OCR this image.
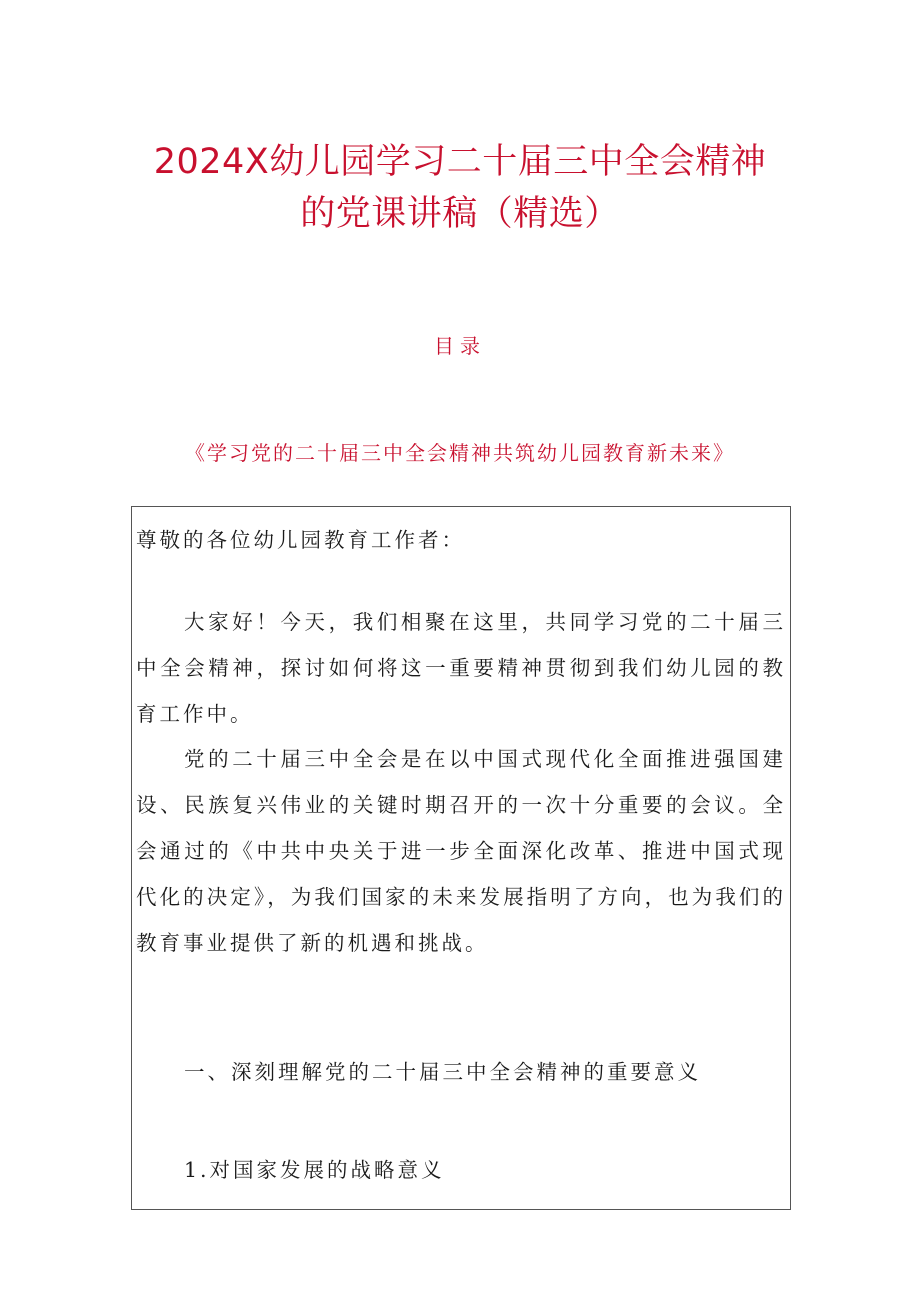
2024X幼儿园学习二十届三中全会精神
的党课讲稿（精选）
目录
《学习党的二十届三中全会精神共筑幼儿园教育新未来》

尊敬的各位幼儿园教育工作者：

大家好！今天，我们相聚在这里，共同学习党的二十届三中全会精神，探讨如何将这一重要精神贯彻到我们幼儿园的教育工作中。

党的二十届三中全会是在以中国式现代化全面推进强国建设、民族复兴伟业的关键时期召开的一次十分重要的会议。全会通过的《中共中央关于进一步全面深化改革、推进中国式现代化的决定》，为我们国家的未来发展指明了方向，也为我们的教育事业提供了新的机遇和挑战。

一、深刻理解党的二十届三中全会精神的重要意义

1.对国家发展的战略意义
